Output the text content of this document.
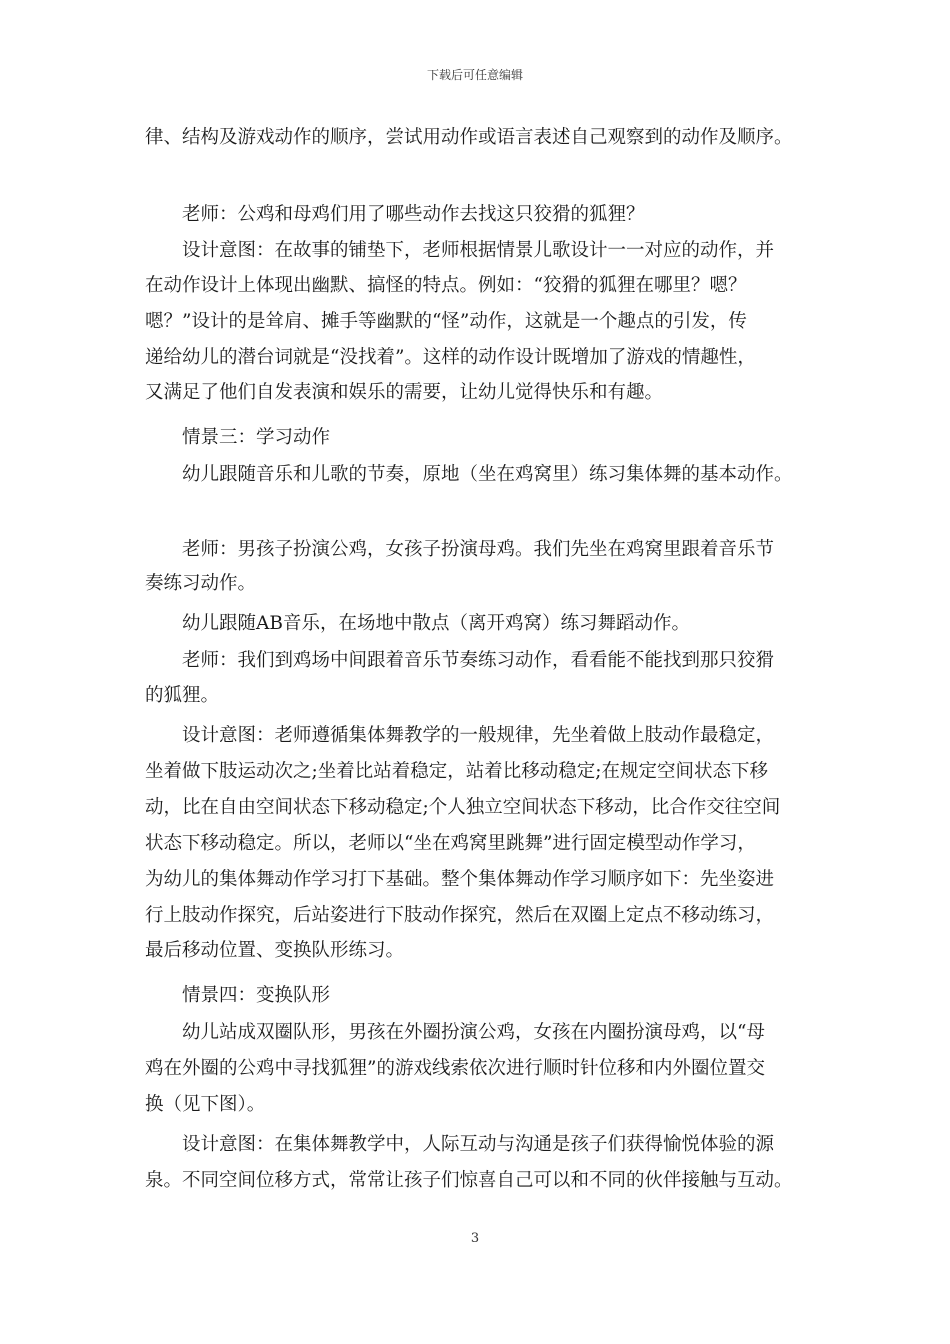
下载后可任意编辑
律、结构及游戏动作的顺序，尝试用动作或语言表述自己观察到的动作及顺序。
　　老师：公鸡和母鸡们用了哪些动作去找这只狡猾的狐狸？
　　设计意图：在故事的铺垫下，老师根据情景儿歌设计一一对应的动作，并
在动作设计上体现出幽默、搞怪的特点。例如：“狡猾的狐狸在哪里？嗯？
嗯？”设计的是耸肩、摊手等幽默的“怪”动作，这就是一个趣点的引发，传
递给幼儿的潜台词就是“没找着”。这样的动作设计既增加了游戏的情趣性，
又满足了他们自发表演和娱乐的需要，让幼儿觉得快乐和有趣。
　　情景三：学习动作
　　幼儿跟随音乐和儿歌的节奏，原地（坐在鸡窝里）练习集体舞的基本动作。
　　老师：男孩子扮演公鸡，女孩子扮演母鸡。我们先坐在鸡窝里跟着音乐节
奏练习动作。
　　幼儿跟随AB音乐，在场地中散点（离开鸡窝）练习舞蹈动作。
　　老师：我们到鸡场中间跟着音乐节奏练习动作，看看能不能找到那只狡猾
的狐狸。
　　设计意图：老师遵循集体舞教学的一般规律，先坐着做上肢动作最稳定，
坐着做下肢运动次之;坐着比站着稳定，站着比移动稳定;在规定空间状态下移
动，比在自由空间状态下移动稳定;个人独立空间状态下移动，比合作交往空间
状态下移动稳定。所以，老师以“坐在鸡窝里跳舞”进行固定模型动作学习，
为幼儿的集体舞动作学习打下基础。整个集体舞动作学习顺序如下：先坐姿进
行上肢动作探究，后站姿进行下肢动作探究，然后在双圈上定点不移动练习，
最后移动位置、变换队形练习。
　　情景四：变换队形
　　幼儿站成双圈队形，男孩在外圈扮演公鸡，女孩在内圈扮演母鸡，以“母
鸡在外圈的公鸡中寻找狐狸”的游戏线索依次进行顺时针位移和内外圈位置交
换（见下图）。
　　设计意图：在集体舞教学中，人际互动与沟通是孩子们获得愉悦体验的源
泉。不同空间位移方式，常常让孩子们惊喜自己可以和不同的伙伴接触与互动。
3
